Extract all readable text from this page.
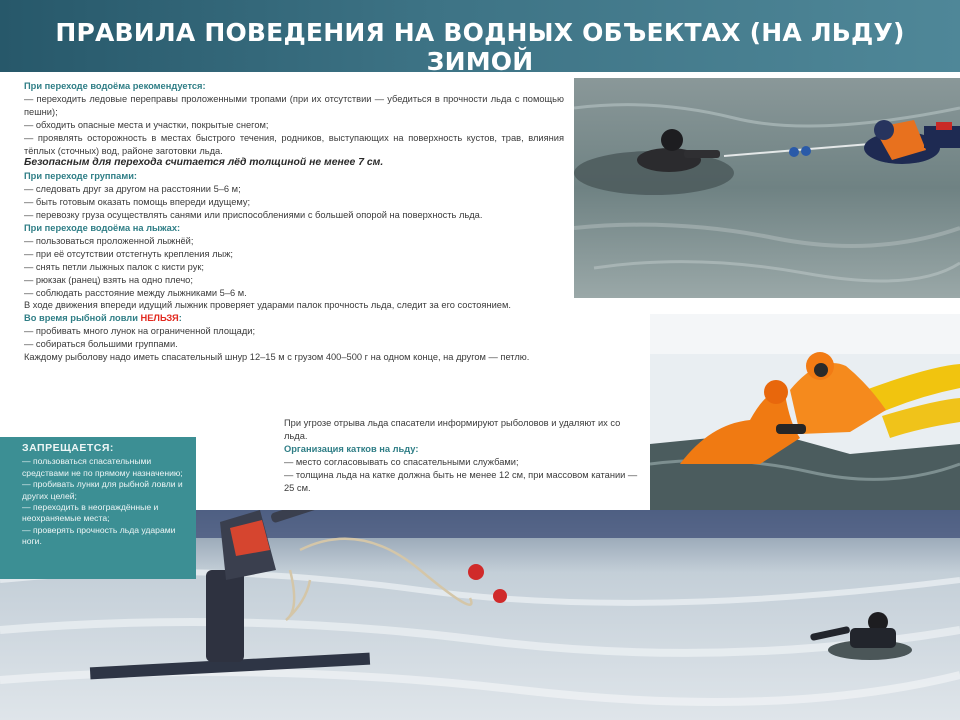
ПРАВИЛА ПОВЕДЕНИЯ НА ВОДНЫХ ОБЪЕКТАХ (НА ЛЬДУ) ЗИМОЙ

При переходе водоёма рекомендуется:

— переходить ледовые переправы проложенными тропами (при их отсутствии — убедиться в прочности льда с помощью пешни);

— обходить опасные места и участки, покрытые снегом;

— проявлять осторожность в местах быстрого течения, родников, выступающих на поверхность кустов, трав, влияния тёплых (сточных) вод, районе заготовки льда.

Безопасным для перехода считается лёд толщиной не менее 7 см.

При переходе группами:

— следовать друг за другом на расстоянии 5–6 м;

— быть готовым оказать помощь впереди идущему;

— перевозку груза осуществлять санями или приспособлениями с большей опорой на поверхность льда.

При переходе водоёма на лыжах:

— пользоваться проложенной лыжнёй;

— при её отсутствии отстегнуть крепления лыж;

— снять петли лыжных палок с кисти рук;

— рюкзак (ранец) взять на одно плечо;

— соблюдать расстояние между лыжниками 5–6 м.

В ходе движения впереди идущий лыжник проверяет ударами палок прочность льда, следит за его состоянием.

Во время рыбной ловли НЕЛЬЗЯ:

— пробивать много лунок на ограниченной площади;

— собираться большими группами.

Каждому рыболову надо иметь спасательный шнур 12–15 м с грузом 400–500 г на одном конце, на другом — петлю.

При угрозе отрыва льда спасатели информируют рыболовов и удаляют их со льда.

Организация катков на льду:

— место согласовывать со спасательными службами;

— толщина льда на катке должна быть не менее 12 см, при массовом катании — 25 см.

ЗАПРЕЩАЕТСЯ:

— пользоваться спасательными средствами не по прямому назначению;

— пробивать лунки для рыбной ловли и других целей;

— переходить в неограждённые и неохраняемые места;

— проверять прочность льда ударами ноги.
